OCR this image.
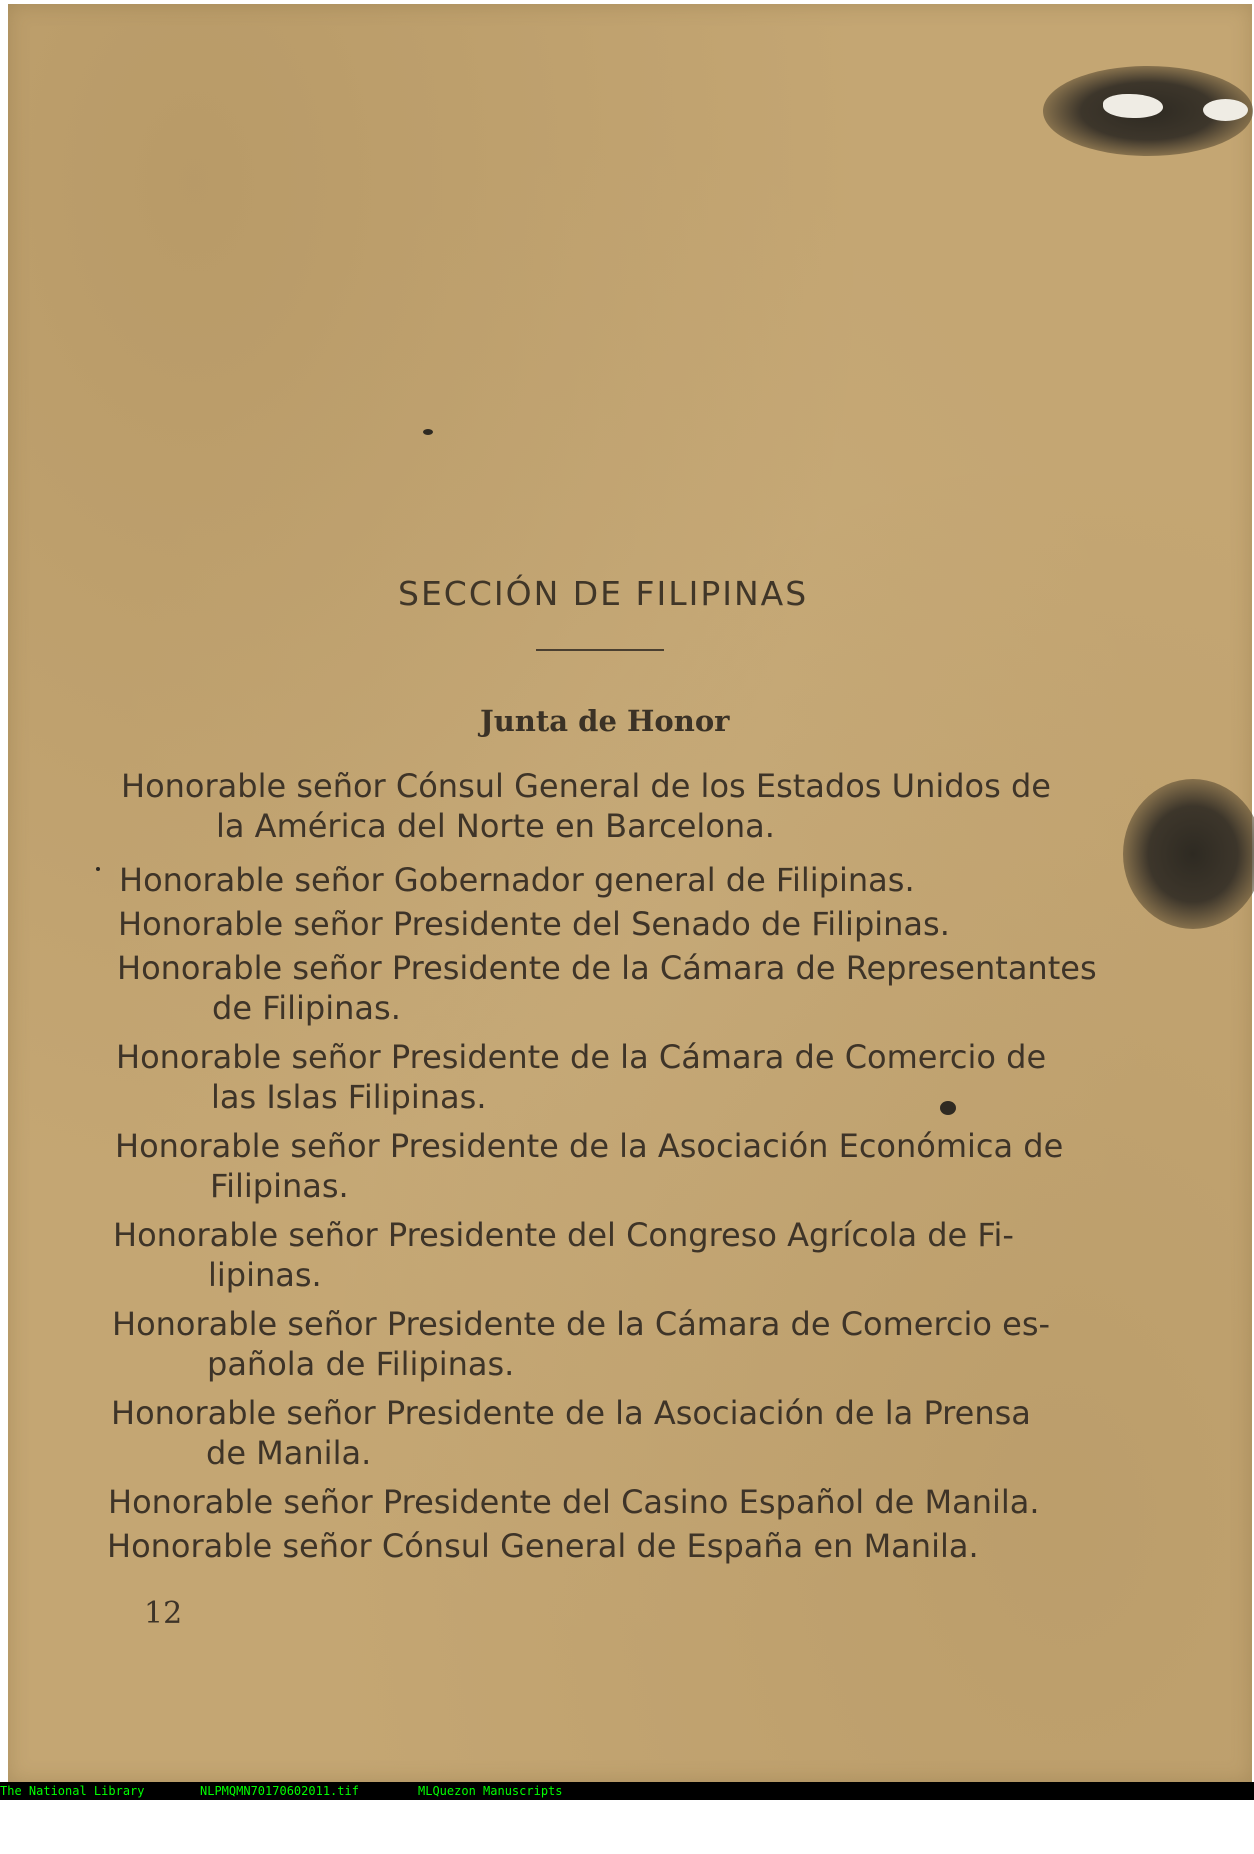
SECCIÓN DE FILIPINAS
Junta de Honor
Honorable señor Cónsul General de los Estados Unidos de
la América del Norte en Barcelona.
Honorable señor Gobernador general de Filipinas.
Honorable señor Presidente del Senado de Filipinas.
Honorable señor Presidente de la Cámara de Representantes
de Filipinas.
Honorable señor Presidente de la Cámara de Comercio de
las Islas Filipinas.
Honorable señor Presidente de la Asociación Económica de
Filipinas.
Honorable señor Presidente del Congreso Agrícola de Fi-
lipinas.
Honorable señor Presidente de la Cámara de Comercio es-
pañola de Filipinas.
Honorable señor Presidente de la Asociación de la Prensa
de Manila.
Honorable señor Presidente del Casino Español de Manila.
Honorable señor Cónsul General de España en Manila.
12

The National Library

	NLPMQMN70170602011.tif

	MLQuezon Manuscripts
